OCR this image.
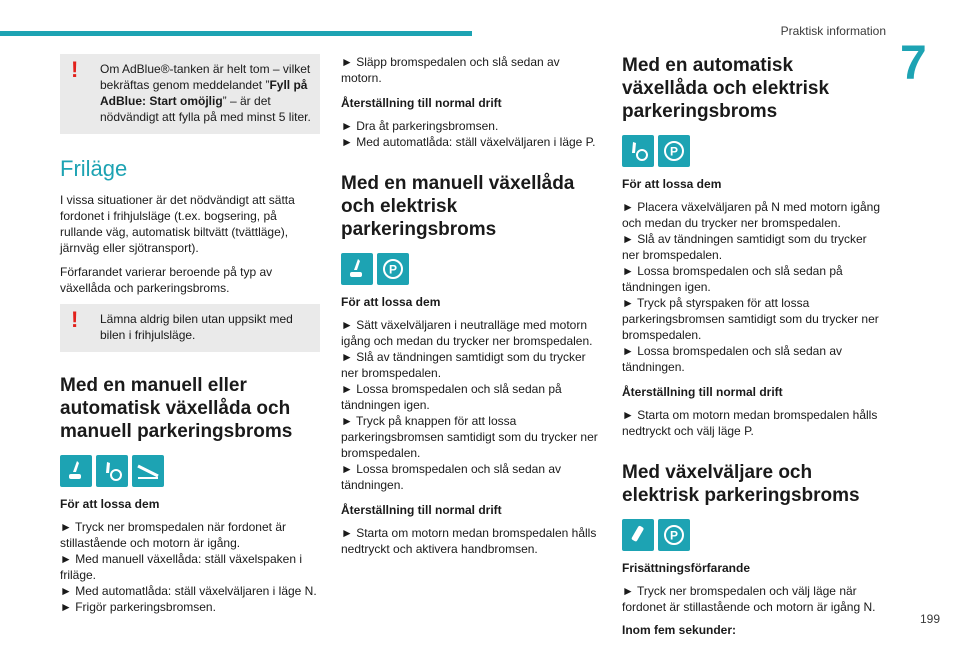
Praktisk information
7
199
!	Om AdBlue®-tanken är helt tom – vilket bekräftas genom meddelandet ”Fyll på AdBlue: Start omöjlig” – är det nödvändigt att fylla på med minst 5 liter.
Friläge

I vissa situationer är det nödvändigt att sätta fordonet i frihjulsläge (t.ex. bogsering, på rullande väg, automatisk biltvätt (tvättläge), järnväg eller sjötransport).

Förfarandet varierar beroende på typ av växellåda och parkeringsbroms.

!	Lämna aldrig bilen utan uppsikt med bilen i frihjulsläge.
Med en manuell eller automatisk växellåda och manuell parkeringsbroms
För att lossa dem

► Tryck ner bromspedalen när fordonet är stillastående och motorn är igång.

► Med manuell växellåda: ställ växelspaken i friläge.

► Med automatlåda: ställ växelväljaren i läge N.

► Frigör parkeringsbromsen.

► Släpp bromspedalen och slå sedan av motorn.

Återställning till normal drift

► Dra åt parkeringsbromsen.

► Med automatlåda: ställ växelväljaren i läge P.

Med en manuell växellåda och elektrisk parkeringsbroms
P
För att lossa dem

► Sätt växelväljaren i neutralläge med motorn igång och medan du trycker ner bromspedalen.

► Slå av tändningen samtidigt som du trycker ner bromspedalen.

► Lossa bromspedalen och slå sedan på tändningen igen.

► Tryck på knappen för att lossa parkeringsbromsen samtidigt som du trycker ner bromspedalen.

► Lossa bromspedalen och slå sedan av tändningen.

Återställning till normal drift

► Starta om motorn medan bromspedalen hålls nedtryckt och aktivera handbromsen.

Med en automatisk växellåda och elektrisk parkeringsbroms
P
För att lossa dem

► Placera växelväljaren på N med motorn igång och medan du trycker ner bromspedalen.

► Slå av tändningen samtidigt som du trycker ner bromspedalen.

► Lossa bromspedalen och slå sedan på tändningen igen.

► Tryck på styrspaken för att lossa parkeringsbromsen samtidigt som du trycker ner bromspedalen.

► Lossa bromspedalen och slå sedan av tändningen.

Återställning till normal drift

► Starta om motorn medan bromspedalen hålls nedtryckt och välj läge P.

Med växelväljare och elektrisk parkeringsbroms
P
Frisättningsförfarande

► Tryck ner bromspedalen och välj läge när fordonet är stillastående och motorn är igång N.

Inom fem sekunder:
